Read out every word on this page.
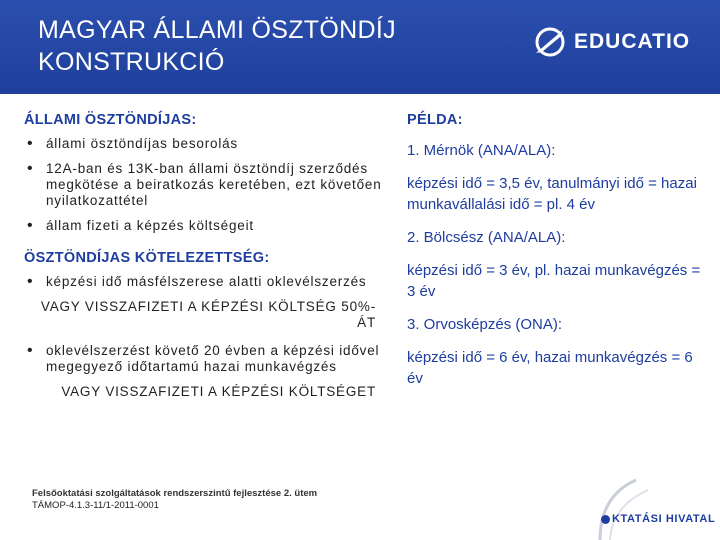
MAGYAR ÁLLAMI ÖSZTÖNDÍJ KONSTRUKCIÓ
EDUCATIO
ÁLLAMI ÖSZTÖNDÍJAS:
• állami ösztöndíjas besorolás
• 12A-ban és 13K-ban állami ösztöndíj szerződés megkötése a beiratkozás keretében, ezt követően nyilatkozattétel
• állam fizeti a képzés költségeit
ÖSZTÖNDÍJAS KÖTELEZETTSÉG:
• képzési idő másfélszerese alatti oklevélszerzés
VAGY VISSZAFIZETI A KÉPZÉSI KÖLTSÉG 50%-ÁT
• oklevélszerzést követő 20 évben a képzési idővel megegyező időtartamú hazai munkavégzés
VAGY VISSZAFIZETI A KÉPZÉSI KÖLTSÉGET
PÉLDA:

1. Mérnök (ANA/ALA):

képzési idő = 3,5 év, tanulmányi idő = hazai munkavállalási idő = pl. 4 év

2. Bölcsész (ANA/ALA):

képzési idő = 3 év, pl. hazai munkavégzés = 3 év

3. Orvosképzés (ONA):

képzési idő = 6 év, hazai munkavégzés = 6 év

Felsőoktatási szolgáltatások rendszerszintű fejlesztése 2. ütem
TÁMOP-4.1.3-11/1-2011-0001
KTATÁSI HIVATAL
